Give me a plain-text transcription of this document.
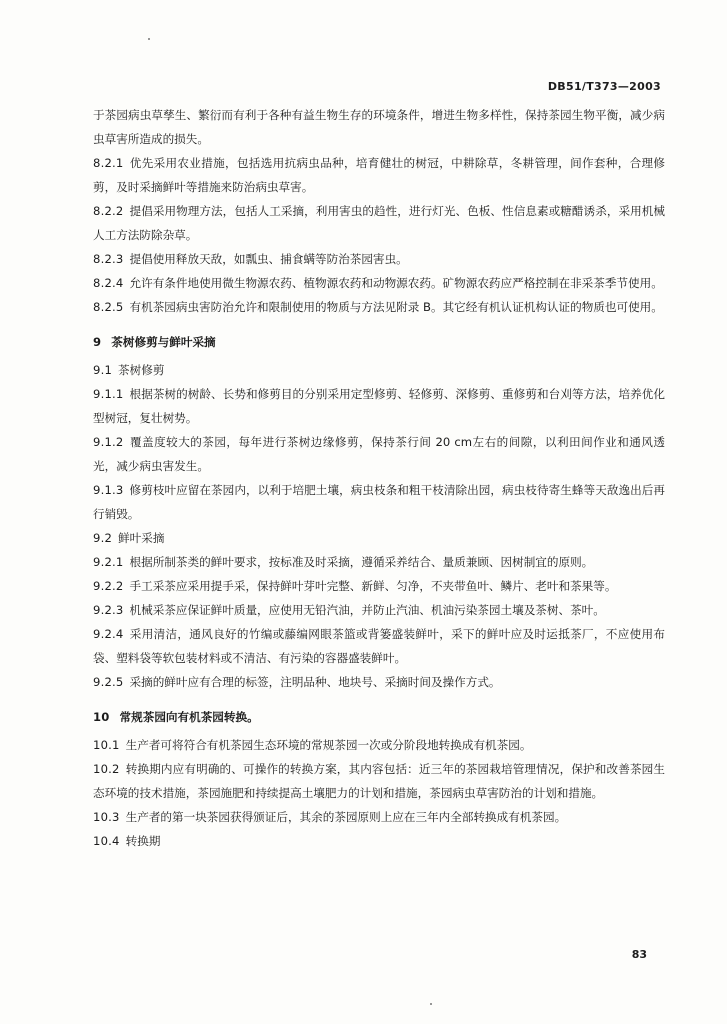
DB51/T373—2003

于茶园病虫草孳生、繁衍而有利于各种有益生物生存的环境条件，增进生物多样性，保持茶园生物平衡，减少病虫草害所造成的损失。

8.2.1 优先采用农业措施，包括选用抗病虫品种，培育健壮的树冠，中耕除草，冬耕管理，间作套种，合理修剪，及时采摘鲜叶等措施来防治病虫草害。

8.2.2 提倡采用物理方法，包括人工采摘，利用害虫的趋性，进行灯光、色板、性信息素或糖醋诱杀，采用机械人工方法防除杂草。

8.2.3 提倡使用释放天敌，如瓢虫、捕食螨等防治茶园害虫。

8.2.4 允许有条件地使用微生物源农药、植物源农药和动物源农药。矿物源农药应严格控制在非采茶季节使用。

8.2.5 有机茶园病虫害防治允许和限制使用的物质与方法见附录 B。其它经有机认证机构认证的物质也可使用。

9 茶树修剪与鲜叶采摘

9.1 茶树修剪

9.1.1 根据茶树的树龄、长势和修剪目的分别采用定型修剪、轻修剪、深修剪、重修剪和台刈等方法，培养优化型树冠，复壮树势。

9.1.2 覆盖度较大的茶园，每年进行茶树边缘修剪，保持茶行间 20 cm左右的间隙，以利田间作业和通风透光，减少病虫害发生。

9.1.3 修剪枝叶应留在茶园内，以利于培肥土壤，病虫枝条和粗干枝清除出园，病虫枝待寄生蜂等天敌逸出后再行销毁。

9.2 鲜叶采摘

9.2.1 根据所制茶类的鲜叶要求，按标准及时采摘，遵循采养结合、量质兼顾、因树制宜的原则。

9.2.2 手工采茶应采用提手采，保持鲜叶芽叶完整、新鲜、匀净，不夹带鱼叶、鳞片、老叶和茶果等。

9.2.3 机械采茶应保证鲜叶质量，应使用无铅汽油，并防止汽油、机油污染茶园土壤及茶树、茶叶。

9.2.4 采用清洁，通风良好的竹编或藤编网眼茶篮或背篓盛装鲜叶，采下的鲜叶应及时运抵茶厂，不应使用布袋、塑料袋等软包装材料或不清洁、有污染的容器盛装鲜叶。

9.2.5 采摘的鲜叶应有合理的标签，注明品种、地块号、采摘时间及操作方式。

10 常规茶园向有机茶园转换。

10.1 生产者可将符合有机茶园生态环境的常规茶园一次或分阶段地转换成有机茶园。

10.2 转换期内应有明确的、可操作的转换方案，其内容包括：近三年的茶园栽培管理情况，保护和改善茶园生态环境的技术措施，茶园施肥和持续提高土壤肥力的计划和措施，茶园病虫草害防治的计划和措施。

10.3 生产者的第一块茶园获得颁证后，其余的茶园原则上应在三年内全部转换成有机茶园。

10.4 转换期

83
